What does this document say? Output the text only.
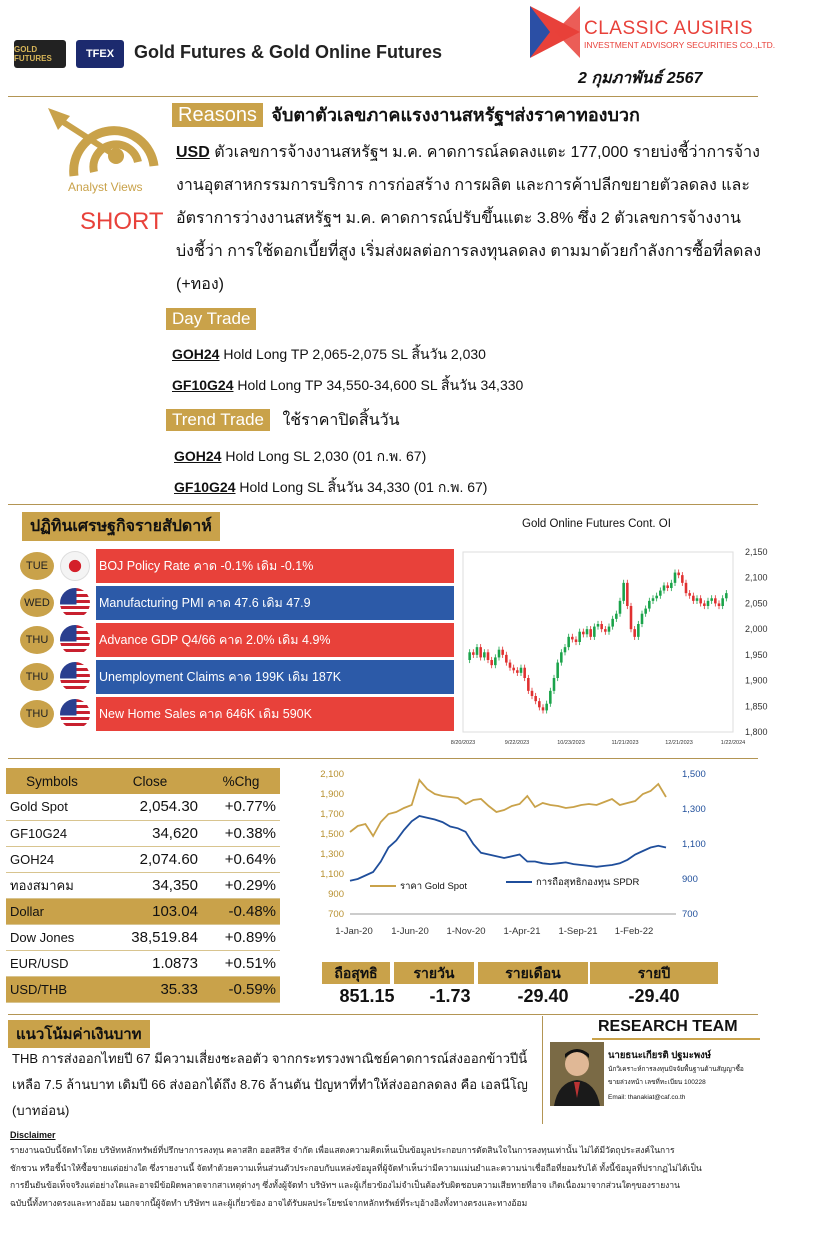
GOLD FUTURES	TFEX	Gold Futures & Gold Online Futures
CLASSIC AUSIRIS
INVESTMENT ADVISORY SECURITIES CO.,LTD.
2 กุมภาพันธ์ 2567
Analyst Views
SHORT
Reasons จับตาตัวเลขภาคแรงงานสหรัฐฯส่งราคาทองบวก
USD ตัวเลขการจ้างงานสหรัฐฯ ม.ค. คาดการณ์ลดลงแตะ 177,000 รายบ่งชี้ว่าการจ้าง
งานอุตสาหกรรมการบริการ การก่อสร้าง การผลิต และการค้าปลีกขยายตัวลดลง และ
อัตราการว่างงานสหรัฐฯ ม.ค. คาดการณ์ปรับขึ้นแตะ 3.8% ซึ่ง 2 ตัวเลขการจ้างงาน
บ่งชี้ว่า การใช้ดอกเบี้ยที่สูง เริ่มส่งผลต่อการลงทุนลดลง ตามมาด้วยกำลังการซื้อที่ลดลง
(+ทอง)
Day Trade
GOH24 Hold Long TP 2,065-2,075 SL สิ้นวัน 2,030
GF10G24 Hold Long TP 34,550-34,600 SL สิ้นวัน 34,330
Trend Trade ใช้ราคาปิดสิ้นวัน
GOH24 Hold Long SL 2,030 (01 ก.พ. 67)
GF10G24 Hold Long SL สิ้นวัน 34,330 (01 ก.พ. 67)
ปฏิทินเศรษฐกิจรายสัปดาห์
TUE	BOJ Policy Rate คาด -0.1% เดิม -0.1%
WED	Manufacturing PMI คาด 47.6 เดิม 47.9
THU	Advance GDP Q4/66 คาด 2.0% เดิม 4.9%
THU	Unemployment Claims คาด 199K เดิม 187K
THU	New Home Sales คาด 646K เดิม 590K
Gold Online Futures Cont. OI
1,800
1,850
1,900
1,950
2,000
2,050
2,100
2,150
8/20/2023	9/22/2023	10/23/2023	11/21/2023	12/21/2023	1/22/2024
Symbols	Close	%Chg
Gold Spot	2,054.30	+0.77%
GF10G24	34,620	+0.38%
GOH24	2,074.60	+0.64%
ทองสมาคม	34,350	+0.29%
Dollar	103.04	-0.48%
Dow Jones	38,519.84	+0.89%
EUR/USD	1.0873	+0.51%
USD/THB	35.33	-0.59%
700
900
1,100
1,300
1,500
1,700
1,900
2,100
700
900
1,100
1,300
1,500
1-Jan-20 1-Jun-20 1-Nov-20 1-Apr-21 1-Sep-21 1-Feb-22
ราคา Gold Spot	การถือสุทธิกองทุน SPDR
ถือสุทธิ	รายวัน	รายเดือน	รายปี
851.15	-1.73	-29.40	-29.40
แนวโน้มค่าเงินบาท
THB การส่งออกไทยปี 67 มีความเสี่ยงชะลอตัว จากกระทรวงพาณิชย์คาดการณ์ส่งออกข้าวปีนี้
เหลือ 7.5 ล้านบาท เดิมปี 66 ส่งออกได้ถึง 8.76 ล้านตัน ปัญหาที่ทำให้ส่งออกลดลง คือ เอลนีโญ
(บาทอ่อน)
RESEARCH TEAM
นายธนะเกียรติ ปฐมะพงษ์
นักวิเคราะห์การลงทุนปัจจัยพื้นฐานด้านสัญญาซื้อ
ขายล่วงหน้า เลขที่ทะเบียน 100228
Email: thanakiat@caf.co.th
Disclaimer
รายงานฉบับนี้จัดทำโดย บริษัทหลักทรัพย์ที่ปรึกษาการลงทุน คลาสสิก ออสสิริส จำกัด เพื่อแสดงความคิดเห็นเป็นข้อมูลประกอบการตัดสินใจในการลงทุนเท่านั้น ไม่ได้มีวัตถุประสงค์ในการ
ชักชวน หรือชี้นำให้ซื้อขายแต่อย่างใด ซึ่งรายงานนี้ จัดทำด้วยความเห็นส่วนตัวประกอบกับแหล่งข้อมูลที่ผู้จัดทำเห็นว่ามีความแม่นยำและความน่าเชื่อถือที่ยอมรับได้ ทั้งนี้ข้อมูลที่ปรากฏไม่ได้เป็น
การยืนยันข้อเท็จจริงแต่อย่างใดและอาจมีข้อผิดพลาดจากสาเหตุต่างๆ ซึ่งทั้งผู้จัดทำ บริษัทฯ และผู้เกี่ยวข้องไม่จำเป็นต้องรับผิดชอบความเสียหายที่อาจ เกิดเนื่องมาจากส่วนใดๆของรายงาน
ฉบับนี้ทั้งทางตรงและทางอ้อม นอกจากนี้ผู้จัดทำ บริษัทฯ และผู้เกี่ยวข้อง อาจได้รับผลประโยชน์จากหลักทรัพย์ที่ระบุอ้างอิงทั้งทางตรงและทางอ้อม
